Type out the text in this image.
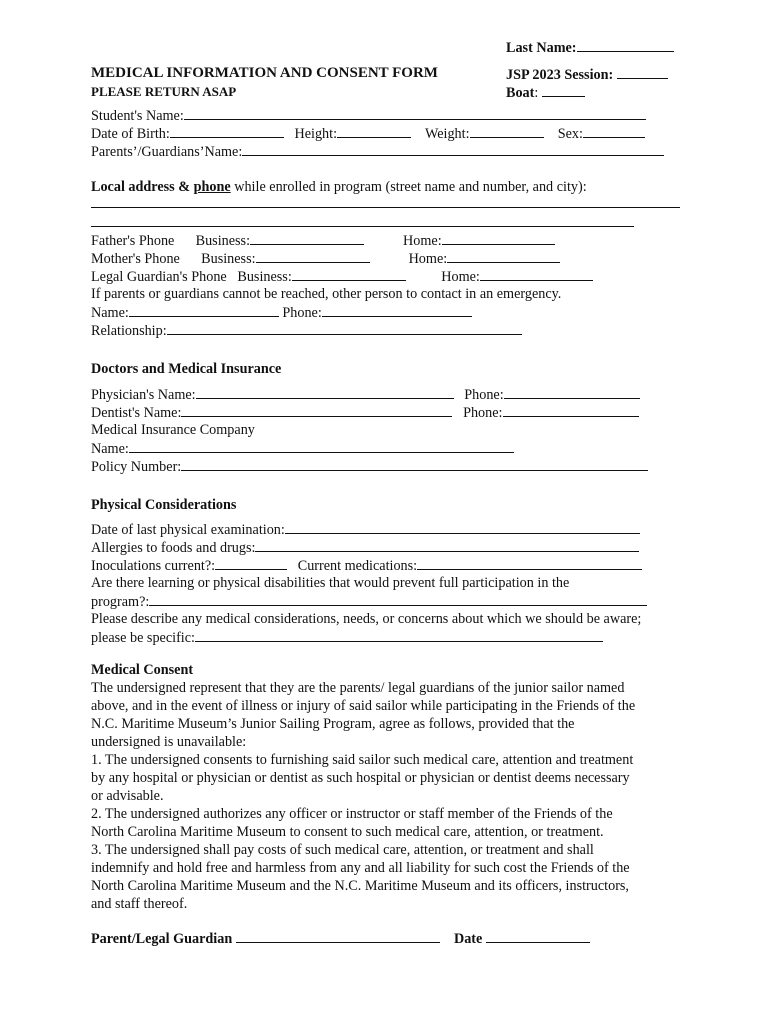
Last Name:
JSP 2023 Session:
Boat:
MEDICAL INFORMATION AND CONSENT FORM
PLEASE RETURN ASAP
Student's Name:
Date of Birth:	Height:	Weight:	Sex:
Parents’/Guardians’Name:
Local address & phone while enrolled in program (street name and number, and city):
Father's Phone Business:	Home:
Mother's Phone Business:	Home:
Legal Guardian's Phone Business:	Home:
If parents or guardians cannot be reached, other person to contact in an emergency.
Name:	Phone:
Relationship:
Doctors and Medical Insurance
Physician's Name:	Phone:
Dentist's Name:	Phone:
Medical Insurance Company
Name:
Policy Number:
Physical Considerations
Date of last physical examination:
Allergies to foods and drugs:
Inoculations current?:	Current medications:
Are there learning or physical disabilities that would prevent full participation in the
program?:
Please describe any medical considerations, needs, or concerns about which we should be aware;
please be specific:
Medical Consent
The undersigned represent that they are the parents/ legal guardians of the junior sailor named
above, and in the event of illness or injury of said sailor while participating in the Friends of the
N.C. Maritime Museum’s Junior Sailing Program, agree as follows, provided that the
undersigned is unavailable:
1. The undersigned consents to furnishing said sailor such medical care, attention and treatment
by any hospital or physician or dentist as such hospital or physician or dentist deems necessary
or advisable.
2. The undersigned authorizes any officer or instructor or staff member of the Friends of the
North Carolina Maritime Museum to consent to such medical care, attention, or treatment.
3. The undersigned shall pay costs of such medical care, attention, or treatment and shall
indemnify and hold free and harmless from any and all liability for such cost the Friends of the
North Carolina Maritime Museum and the N.C. Maritime Museum and its officers, instructors,
and staff thereof.
Parent/Legal Guardian	Date
